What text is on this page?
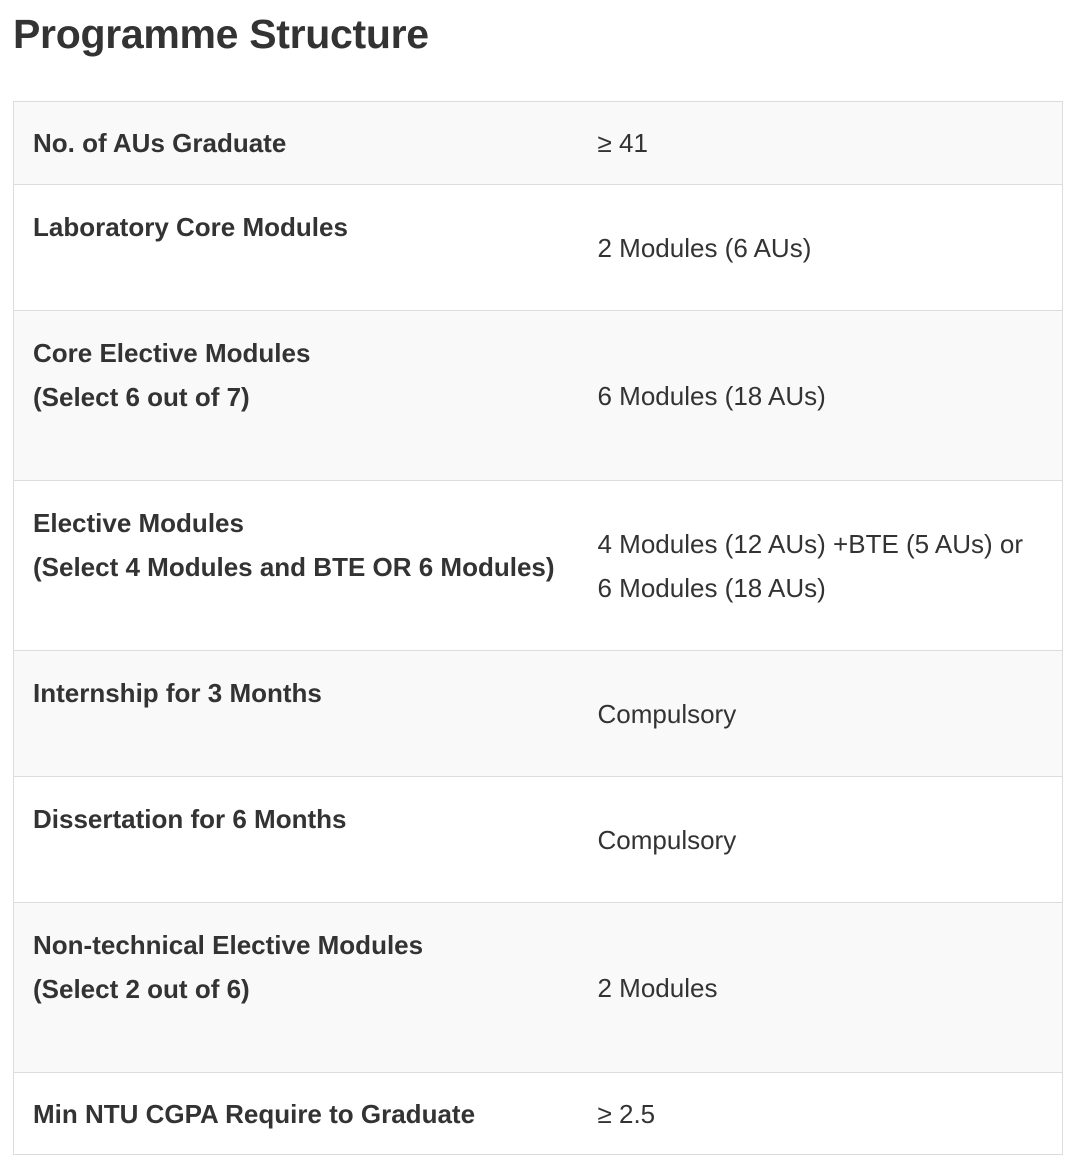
Programme Structure
No. of AUs Graduate	≥ 41

Laboratory Core Modules	2 Modules (6 AUs)

Core Elective Modules
(Select 6 out of 7)	6 Modules (18 AUs)

Elective Modules
(Select 4 Modules and BTE OR 6 Modules)	4 Modules (12 AUs) +BTE (5 AUs) or
6 Modules (18 AUs)

Internship for 3 Months	Compulsory

Dissertation for 6 Months	Compulsory

Non-technical Elective Modules
(Select 2 out of 6)	2 Modules

Min NTU CGPA Require to Graduate	≥ 2.5
